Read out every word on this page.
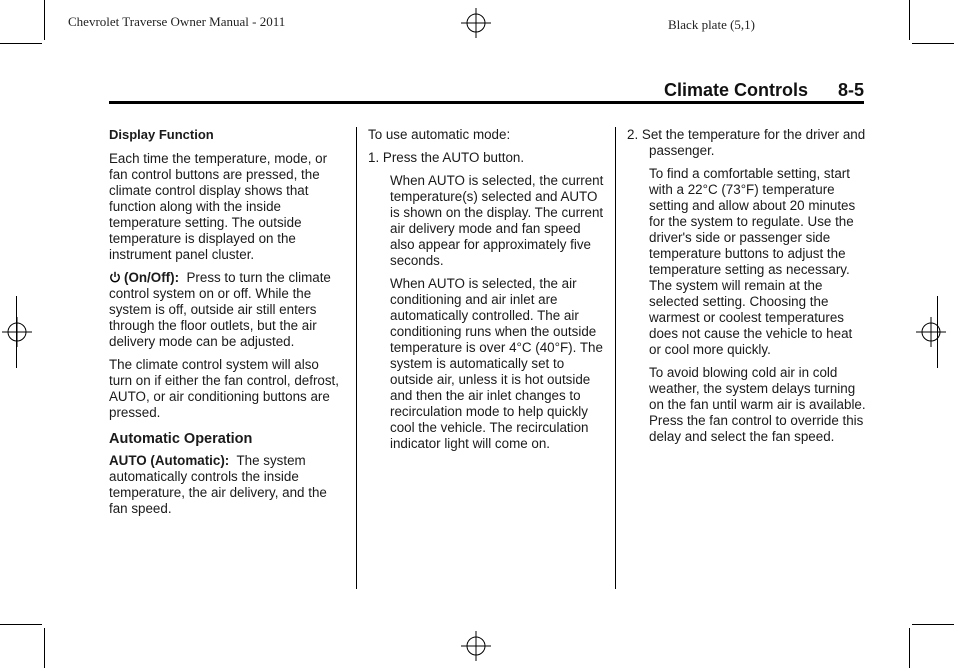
Chevrolet Traverse Owner Manual - 2011	Black plate (5,1)
Climate Controls 8-5

Display Function

Each time the temperature, mode, or fan control buttons are pressed, the climate control display shows that function along with the inside temperature setting. The outside temperature is displayed on the instrument panel cluster.

(On/Off): Press to turn the climate control system on or off. While the system is off, outside air still enters through the floor outlets, but the air delivery mode can be adjusted.

The climate control system will also turn on if either the fan control, defrost, AUTO, or air conditioning buttons are pressed.

Automatic Operation

AUTO (Automatic): The system automatically controls the inside temperature, the air delivery, and the fan speed.

To use automatic mode:

1. Press the AUTO button.

When AUTO is selected, the current temperature(s) selected and AUTO is shown on the display. The current air delivery mode and fan speed also appear for approximately five seconds.

When AUTO is selected, the air conditioning and air inlet are automatically controlled. The air conditioning runs when the outside temperature is over 4°C (40°F). The system is automatically set to outside air, unless it is hot outside and then the air inlet changes to recirculation mode to help quickly cool the vehicle. The recirculation indicator light will come on.

2. Set the temperature for the driver and passenger.

To find a comfortable setting, start with a 22°C (73°F) temperature setting and allow about 20 minutes for the system to regulate. Use the driver's side or passenger side temperature buttons to adjust the temperature setting as necessary. The system will remain at the selected setting. Choosing the warmest or coolest temperatures does not cause the vehicle to heat or cool more quickly.

To avoid blowing cold air in cold weather, the system delays turning on the fan until warm air is available. Press the fan control to override this delay and select the fan speed.
